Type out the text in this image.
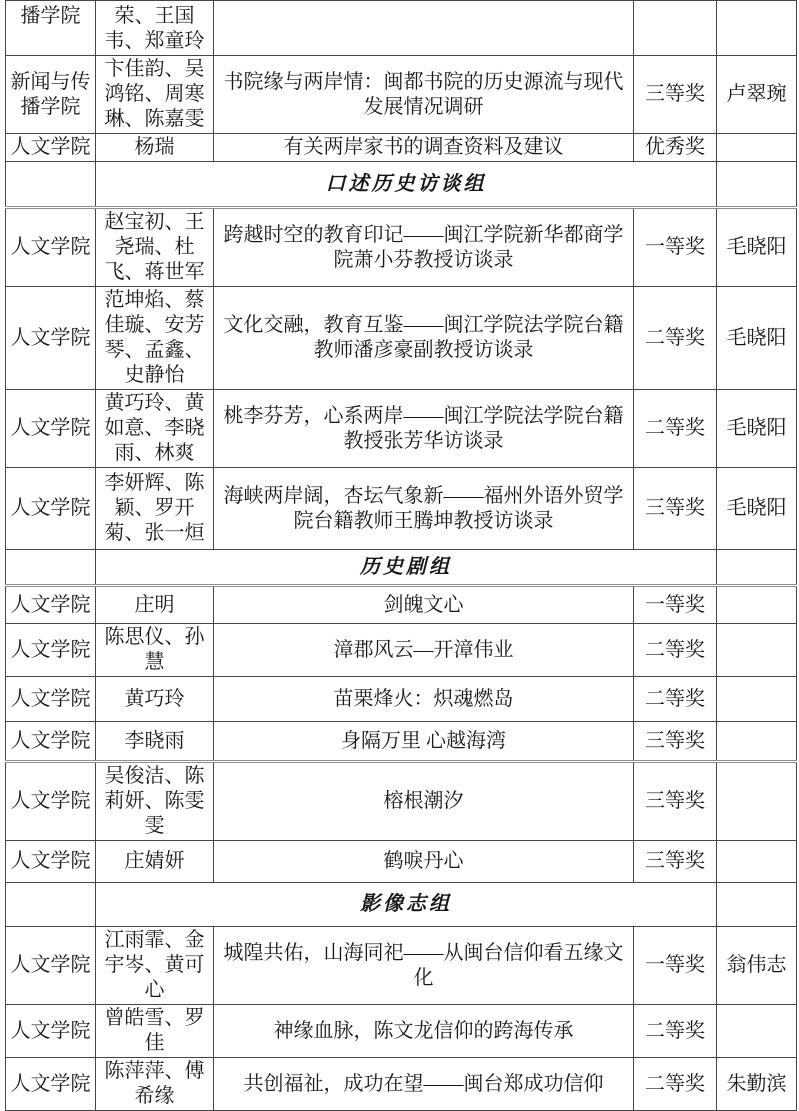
播学院	荣、王国韦、郑童玲			
新闻与传播学院	卞佳韵、吴鸿铭、周寒琳、陈嘉雯	书院缘与两岸情：闽都书院的历史源流与现代发展情况调研	三等奖	卢翠琬
人文学院	杨瑞	有关两岸家书的调查资料及建议	优秀奖	
	口述历史访谈组			
人文学院	赵宝初、王尧瑞、杜飞、蒋世军	跨越时空的教育印记——闽江学院新华都商学院萧小芬教授访谈录	一等奖	毛晓阳
人文学院	范坤焰、蔡佳璇、安芳琴、孟鑫、史静怡	文化交融，教育互鉴——闽江学院法学院台籍教师潘彦豪副教授访谈录	二等奖	毛晓阳
人文学院	黄巧玲、黄如意、李晓雨、林爽	桃李芬芳，心系两岸——闽江学院法学院台籍教授张芳华访谈录	二等奖	毛晓阳
人文学院	李妍辉、陈颖、罗开菊、张一烜	海峡两岸阔，杏坛气象新——福州外语外贸学院台籍教师王腾坤教授访谈录	三等奖	毛晓阳
	历史剧组			
人文学院	庄明	剑魄文心	一等奖	
人文学院	陈思仪、孙慧	漳郡风云—开漳伟业	二等奖	
人文学院	黄巧玲	苗栗烽火：炽魂燃岛	二等奖	
人文学院	李晓雨	身隔万里 心越海湾	三等奖	
人文学院	吴俊洁、陈莉妍、陈雯雯	榕根潮汐	三等奖	
人文学院	庄婧妍	鹤唳丹心	三等奖	
	影像志组			
人文学院	江雨霏、金宇岑、黄可心	城隍共佑，山海同祀——从闽台信仰看五缘文化	一等奖	翁伟志
人文学院	曾皓雪、罗佳	神缘血脉，陈文龙信仰的跨海传承	二等奖	
人文学院	陈萍萍、傅希缘	共创福祉，成功在望——闽台郑成功信仰	二等奖	朱勤滨
